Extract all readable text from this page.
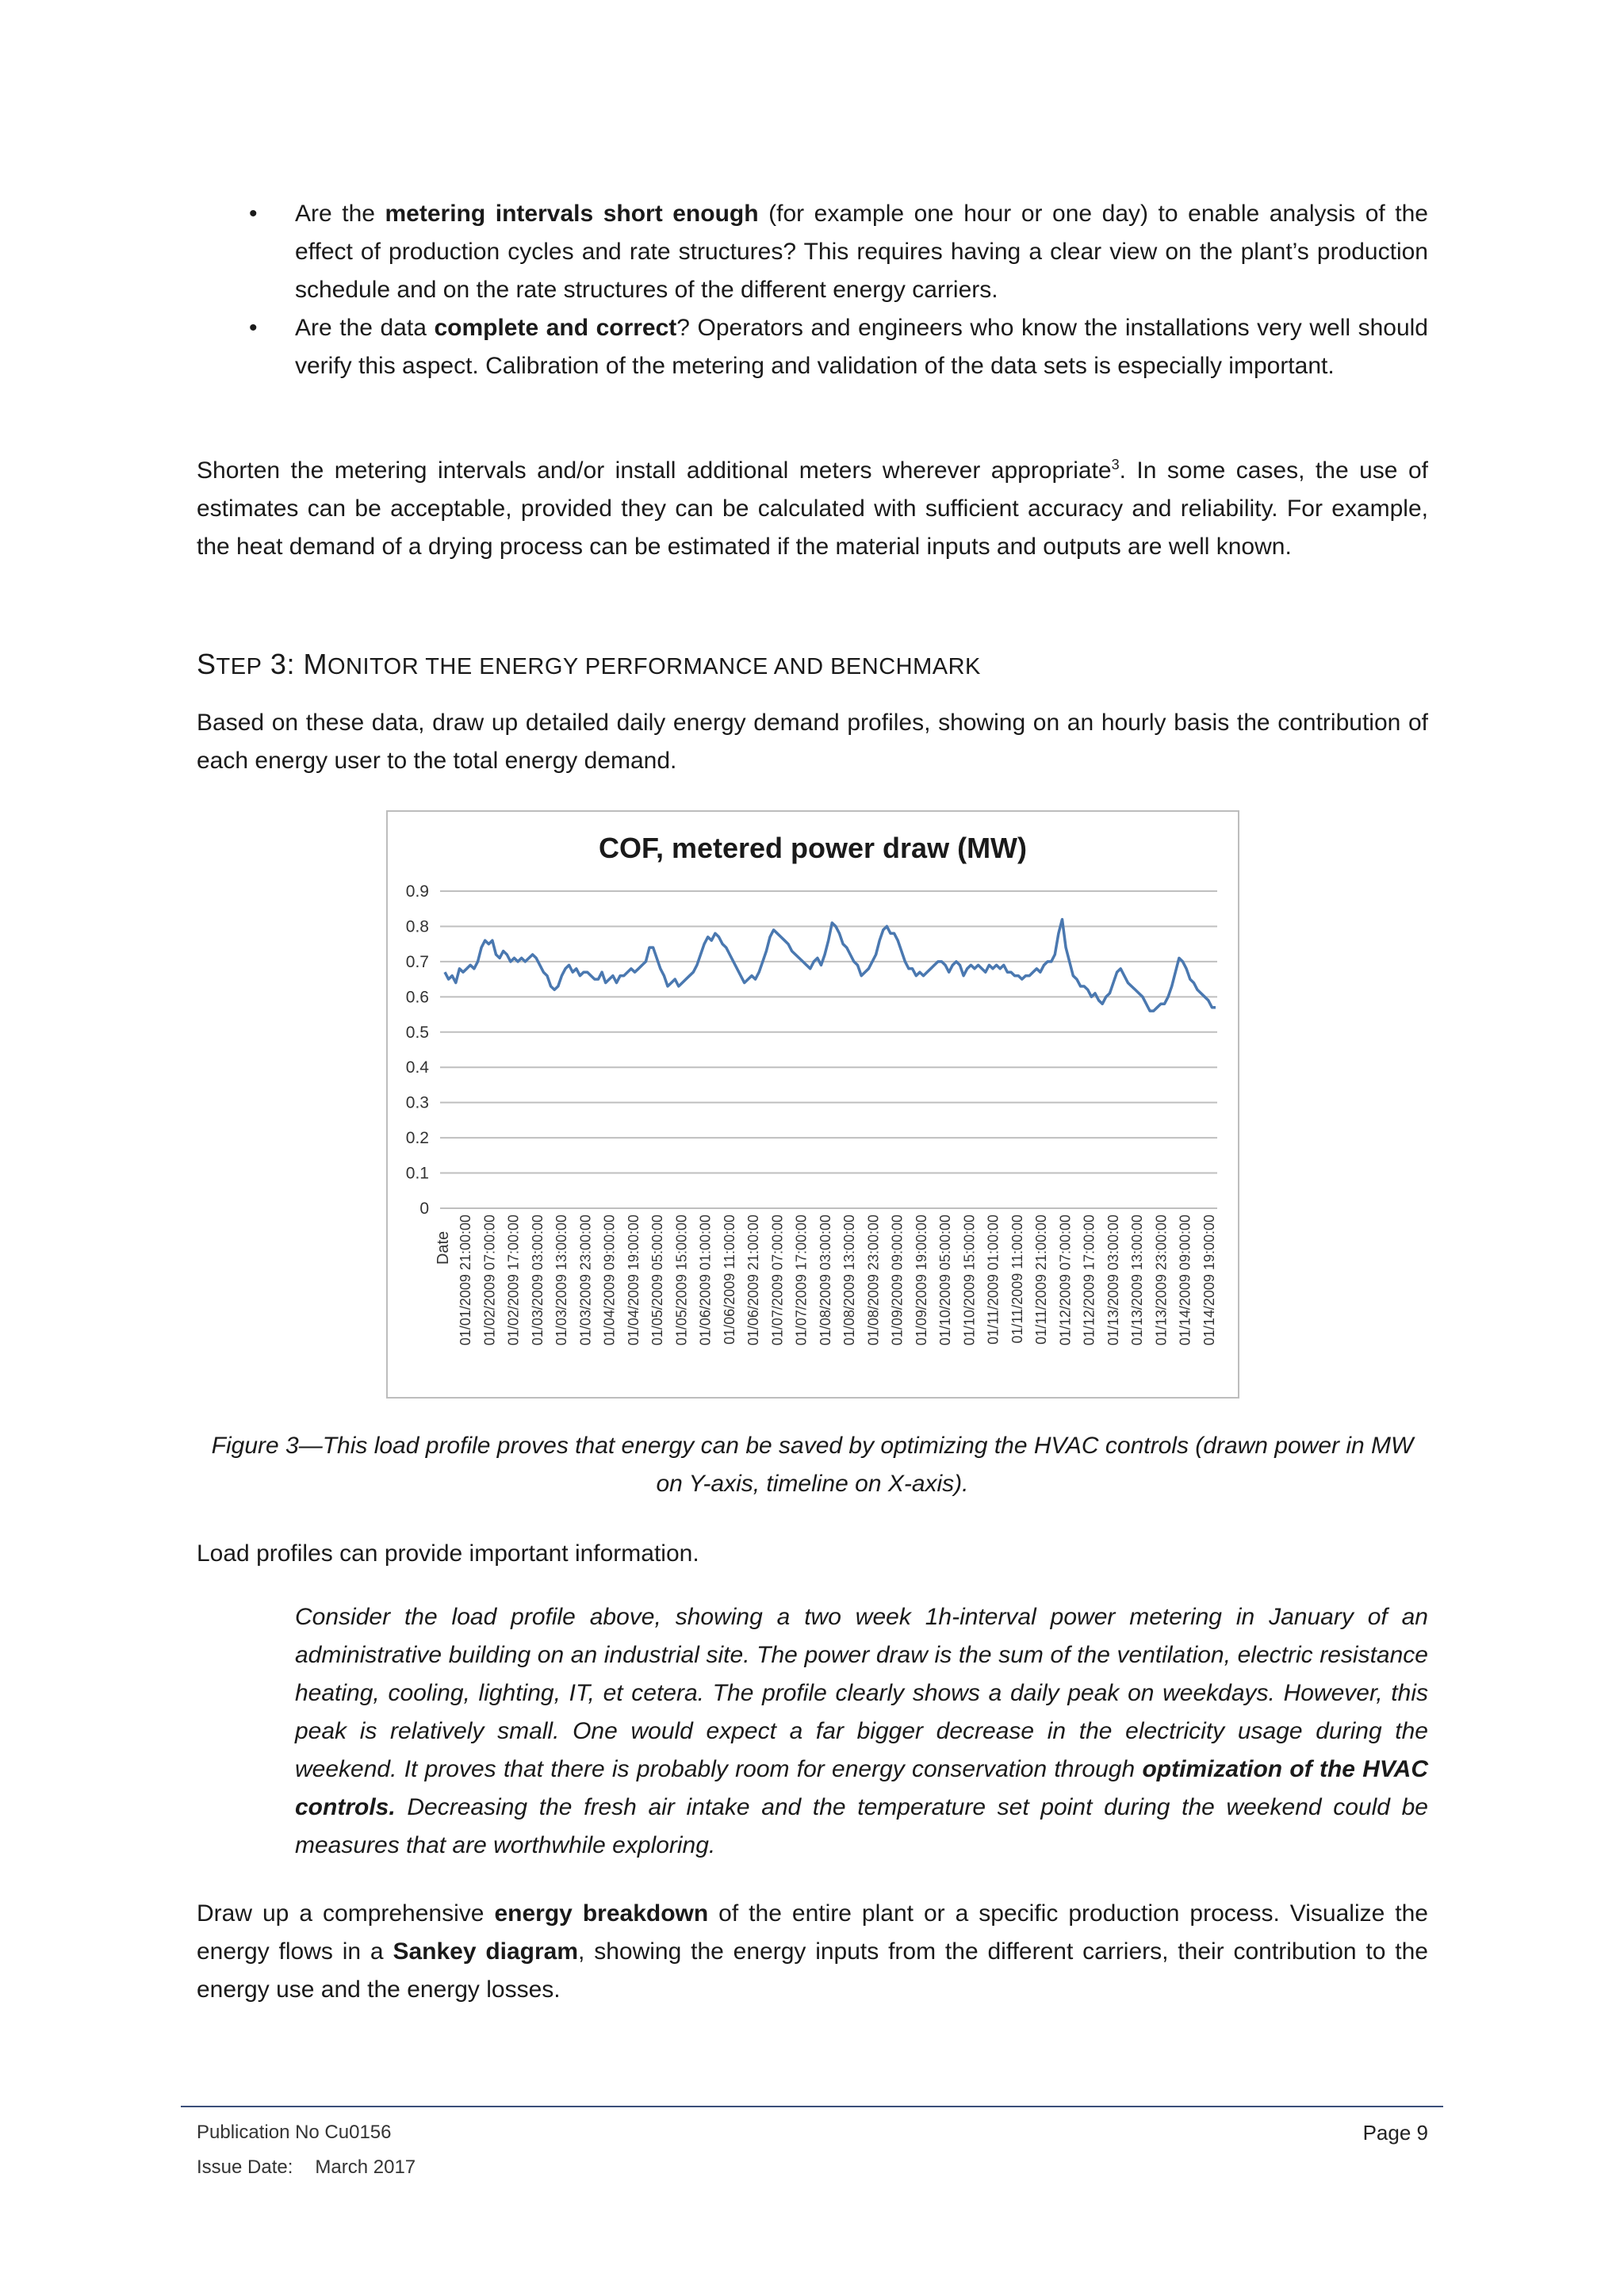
• Are the metering intervals short enough (for example one hour or one day) to enable analysis of the effect of production cycles and rate structures? This requires having a clear view on the plant’s production schedule and on the rate structures of the different energy carriers.
• Are the data complete and correct? Operators and engineers who know the installations very well should verify this aspect. Calibration of the metering and validation of the data sets is especially important.

Shorten the metering intervals and/or install additional meters wherever appropriate$^3$. In some cases, the use of estimates can be acceptable, provided they can be calculated with sufficient accuracy and reliability. For example, the heat demand of a drying process can be estimated if the material inputs and outputs are well known.

STEP 3: MONITOR THE ENERGY PERFORMANCE AND BENCHMARK

Based on these data, draw up detailed daily energy demand profiles, showing on an hourly basis the contribution of each energy user to the total energy demand.

COF, metered power draw (MW)
0
0.1
0.2
0.3
0.4
0.5
0.6
0.7
0.8
0.9
01/01/2009 21:00:00 01/02/2009 07:00:00 01/02/2009 17:00:00 01/03/2009 03:00:00 01/03/2009 13:00:00 01/03/2009 23:00:00 01/04/2009 09:00:00 01/04/2009 19:00:00 01/05/2009 05:00:00 01/05/2009 15:00:00 01/06/2009 01:00:00 01/06/2009 11:00:00 01/06/2009 21:00:00 01/07/2009 07:00:00 01/07/2009 17:00:00 01/08/2009 03:00:00 01/08/2009 13:00:00 01/08/2009 23:00:00 01/09/2009 09:00:00 01/09/2009 19:00:00 01/10/2009 05:00:00 01/10/2009 15:00:00 01/11/2009 01:00:00 01/11/2009 11:00:00 01/11/2009 21:00:00 01/12/2009 07:00:00 01/12/2009 17:00:00 01/13/2009 03:00:00 01/13/2009 13:00:00 01/13/2009 23:00:00 01/14/2009 09:00:00 01/14/2009 19:00:00
Date

Figure 3—This load profile proves that energy can be saved by optimizing the HVAC controls (drawn power in MW on Y-axis, timeline on X-axis).

Load profiles can provide important information.

Consider the load profile above, showing a two week 1h-interval power metering in January of an administrative building on an industrial site. The power draw is the sum of the ventilation, electric resistance heating, cooling, lighting, IT, et cetera. The profile clearly shows a daily peak on weekdays. However, this peak is relatively small. One would expect a far bigger decrease in the electricity usage during the weekend. It proves that there is probably room for energy conservation through optimization of the HVAC controls. Decreasing the fresh air intake and the temperature set point during the weekend could be measures that are worthwhile exploring.

Draw up a comprehensive energy breakdown of the entire plant or a specific production process. Visualize the energy flows in a Sankey diagram, showing the energy inputs from the different carriers, their contribution to the energy use and the energy losses.

Publication No Cu0156
Issue Date: March 2017
Page 9
